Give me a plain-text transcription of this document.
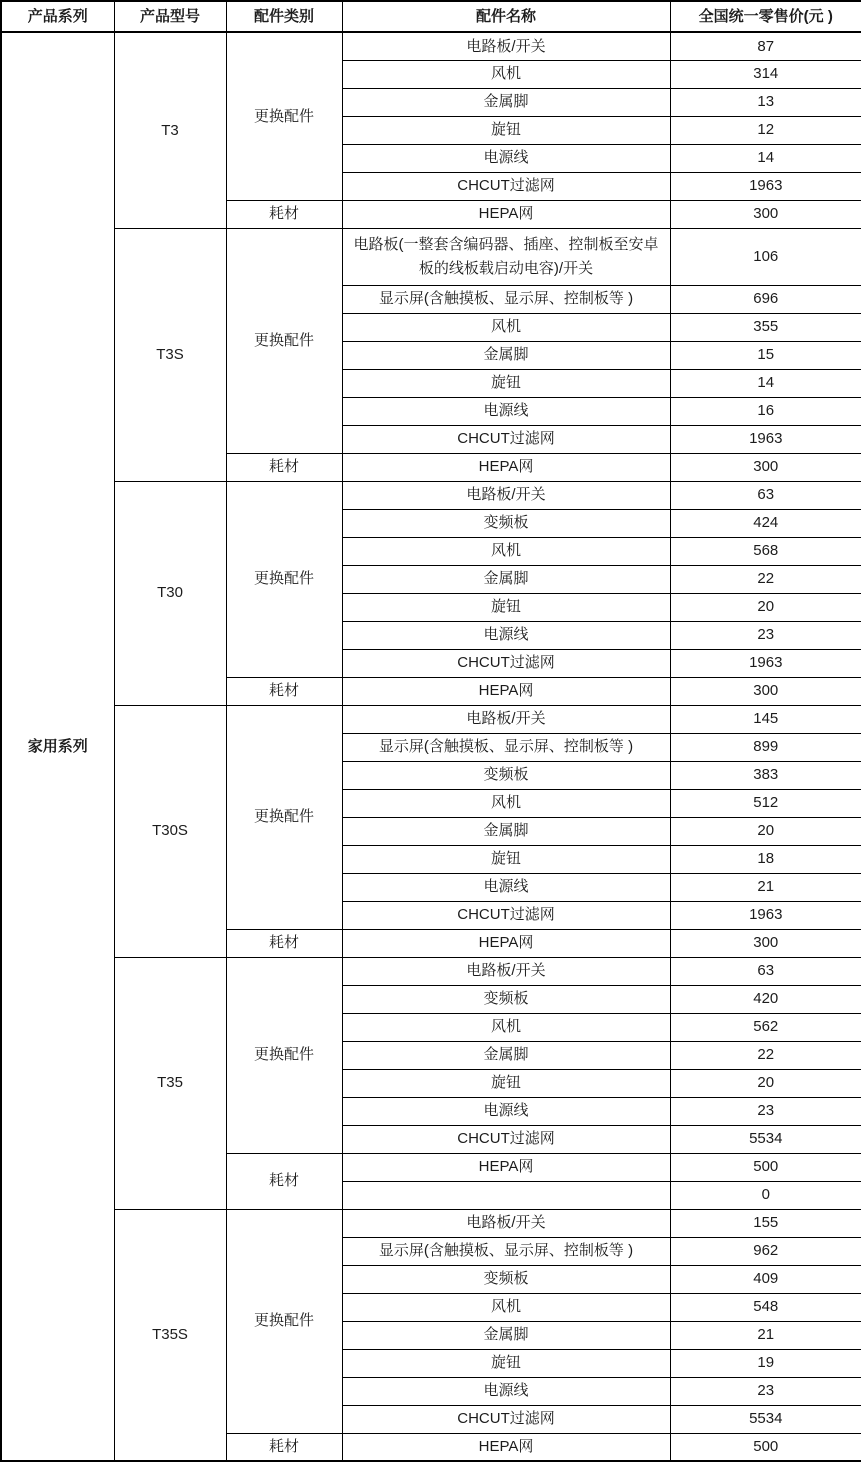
产品系列	产品型号	配件类别	配件名称	全国统一零售价(元 )
家用系列	T3	更换配件	电路板/开关	87
			风机	314
			金属脚	13
			旋钮	12
			电源线	14
			CHCUT过滤网	1963
		耗材	HEPA网	300
	T3S	更换配件	电路板(一整套含编码器、插座、控制板至安卓板的线板载启动电容)/开关	106
			显示屏(含触摸板、显示屏、控制板等 )	696
			风机	355
			金属脚	15
			旋钮	14
			电源线	16
			CHCUT过滤网	1963
		耗材	HEPA网	300
	T30	更换配件	电路板/开关	63
			变频板	424
			风机	568
			金属脚	22
			旋钮	20
			电源线	23
			CHCUT过滤网	1963
		耗材	HEPA网	300
	T30S	更换配件	电路板/开关	145
			显示屏(含触摸板、显示屏、控制板等 )	899
			变频板	383
			风机	512
			金属脚	20
			旋钮	18
			电源线	21
			CHCUT过滤网	1963
		耗材	HEPA网	300
	T35	更换配件	电路板/开关	63
			变频板	420
			风机	562
			金属脚	22
			旋钮	20
			电源线	23
			CHCUT过滤网	5534
		耗材	HEPA网	500
				0
	T35S	更换配件	电路板/开关	155
			显示屏(含触摸板、显示屏、控制板等 )	962
			变频板	409
			风机	548
			金属脚	21
			旋钮	19
			电源线	23
			CHCUT过滤网	5534
		耗材	HEPA网	500
